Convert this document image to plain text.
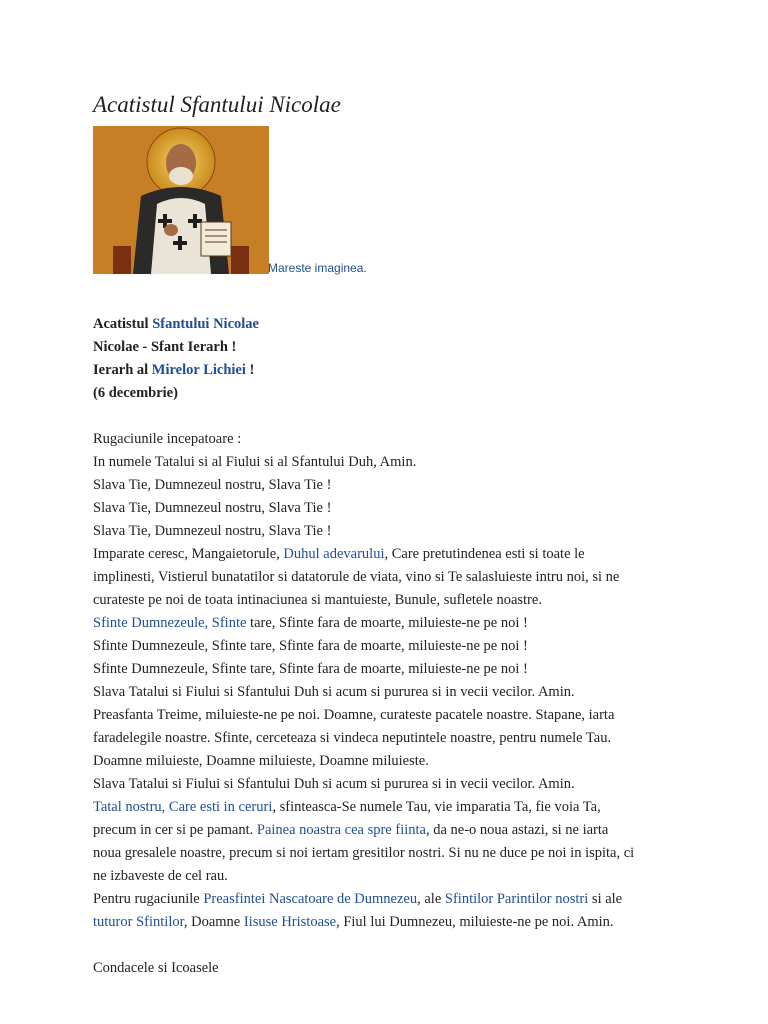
Acatistul Sfantului Nicolae
Mareste imaginea.
Acatistul Sfantului Nicolae
Nicolae - Sfant Ierarh !
Ierarh al Mirelor Lichiei !
(6 decembrie)
Rugaciunile incepatoare :
In numele Tatalui si al Fiului si al Sfantului Duh, Amin.
Slava Tie, Dumnezeul nostru, Slava Tie !
Slava Tie, Dumnezeul nostru, Slava Tie !
Slava Tie, Dumnezeul nostru, Slava Tie !
Imparate ceresc, Mangaietorule, Duhul adevarului, Care pretutindenea esti si toate le
implinesti, Vistierul bunatatilor si datatorule de viata, vino si Te salasluieste intru noi, si ne
curateste pe noi de toata intinaciunea si mantuieste, Bunule, sufletele noastre.
Sfinte Dumnezeule, Sfinte tare, Sfinte fara de moarte, miluieste-ne pe noi !
Sfinte Dumnezeule, Sfinte tare, Sfinte fara de moarte, miluieste-ne pe noi !
Sfinte Dumnezeule, Sfinte tare, Sfinte fara de moarte, miluieste-ne pe noi !
Slava Tatalui si Fiului si Sfantului Duh si acum si pururea si in vecii vecilor. Amin.
Preasfanta Treime, miluieste-ne pe noi. Doamne, curateste pacatele noastre. Stapane, iarta
faradelegile noastre. Sfinte, cerceteaza si vindeca neputintele noastre, pentru numele Tau.
Doamne miluieste, Doamne miluieste, Doamne miluieste.
Slava Tatalui si Fiului si Sfantului Duh si acum si pururea si in vecii vecilor. Amin.
Tatal nostru, Care esti in ceruri, sfinteasca-Se numele Tau, vie imparatia Ta, fie voia Ta,
precum in cer si pe pamant. Painea noastra cea spre fiinta, da ne-o noua astazi, si ne iarta
noua gresalele noastre, precum si noi iertam gresitilor nostri. Si nu ne duce pe noi in ispita, ci
ne izbaveste de cel rau.
Pentru rugaciunile Preasfintei Nascatoare de Dumnezeu, ale Sfintilor Parintilor nostri si ale
tuturor Sfintilor, Doamne Iisuse Hristoase, Fiul lui Dumnezeu, miluieste-ne pe noi. Amin.
Condacele si Icoasele
